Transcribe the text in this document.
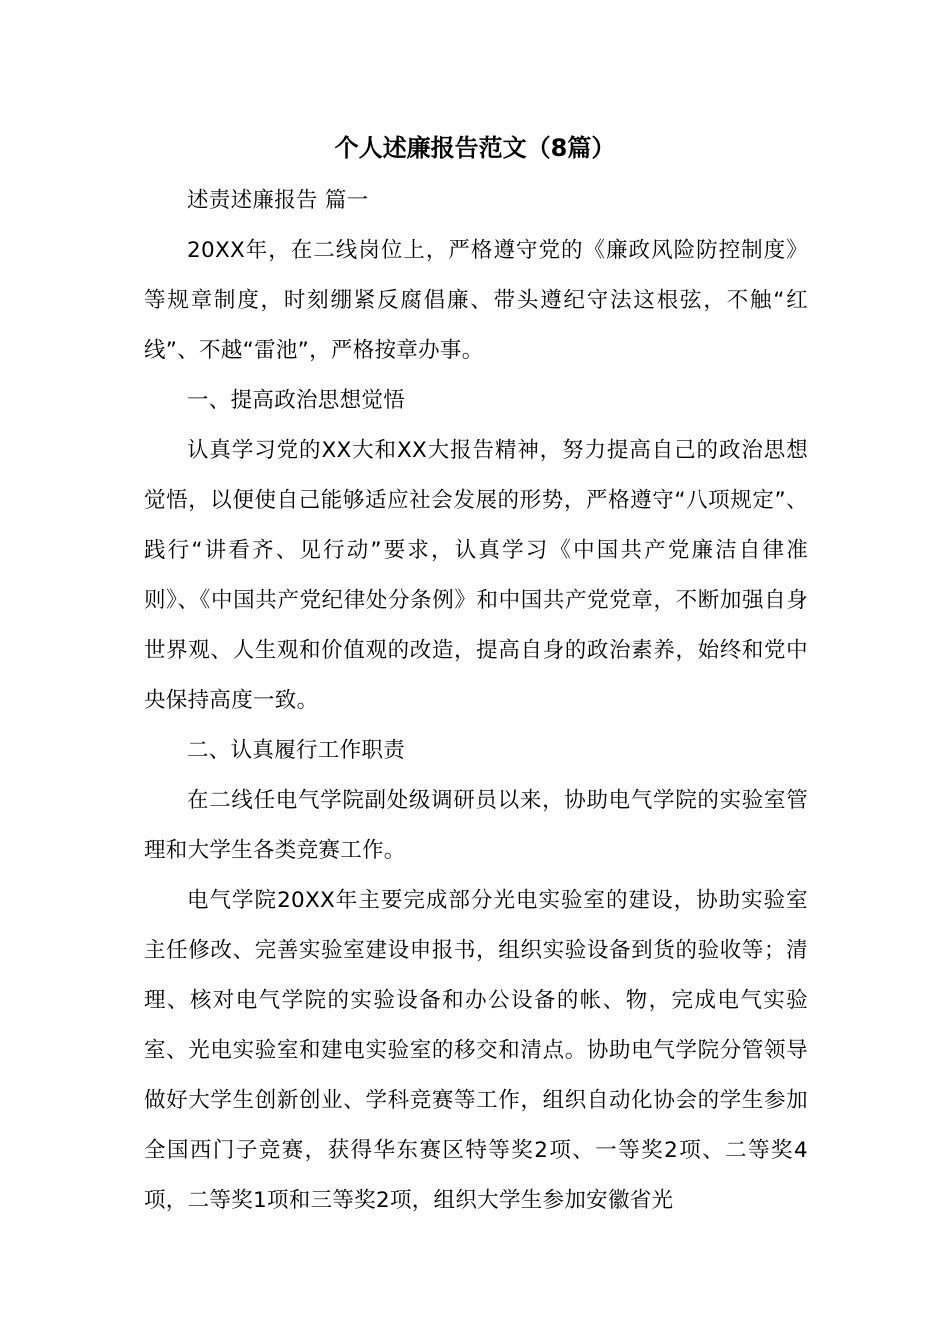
个人述廉报告范文（8篇）

述责述廉报告 篇一

20XX年，在二线岗位上，严格遵守党的《廉政风险防控制度》等规章制度，时刻绷紧反腐倡廉、带头遵纪守法这根弦，不触“红线”、不越“雷池”，严格按章办事。

一、提高政治思想觉悟

认真学习党的XX大和XX大报告精神，努力提高自己的政治思想觉悟，以便使自己能够适应社会发展的形势，严格遵守“八项规定”、践行“讲看齐、见行动”要求，认真学习《中国共产党廉洁自律准则》、《中国共产党纪律处分条例》和中国共产党党章，不断加强自身世界观、人生观和价值观的改造，提高自身的政治素养，始终和党中央保持高度一致。

二、认真履行工作职责

在二线任电气学院副处级调研员以来，协助电气学院的实验室管理和大学生各类竞赛工作。

电气学院20XX年主要完成部分光电实验室的建设，协助实验室主任修改、完善实验室建设申报书，组织实验设备到货的验收等；清理、核对电气学院的实验设备和办公设备的帐、物，完成电气实验室、光电实验室和建电实验室的移交和清点。协助电气学院分管领导做好大学生创新创业、学科竞赛等工作，组织自动化协会的学生参加全国西门子竞赛，获得华东赛区特等奖2项、一等奖2项、二等奖4项，二等奖1项和三等奖2项，组织大学生参加安徽省光
